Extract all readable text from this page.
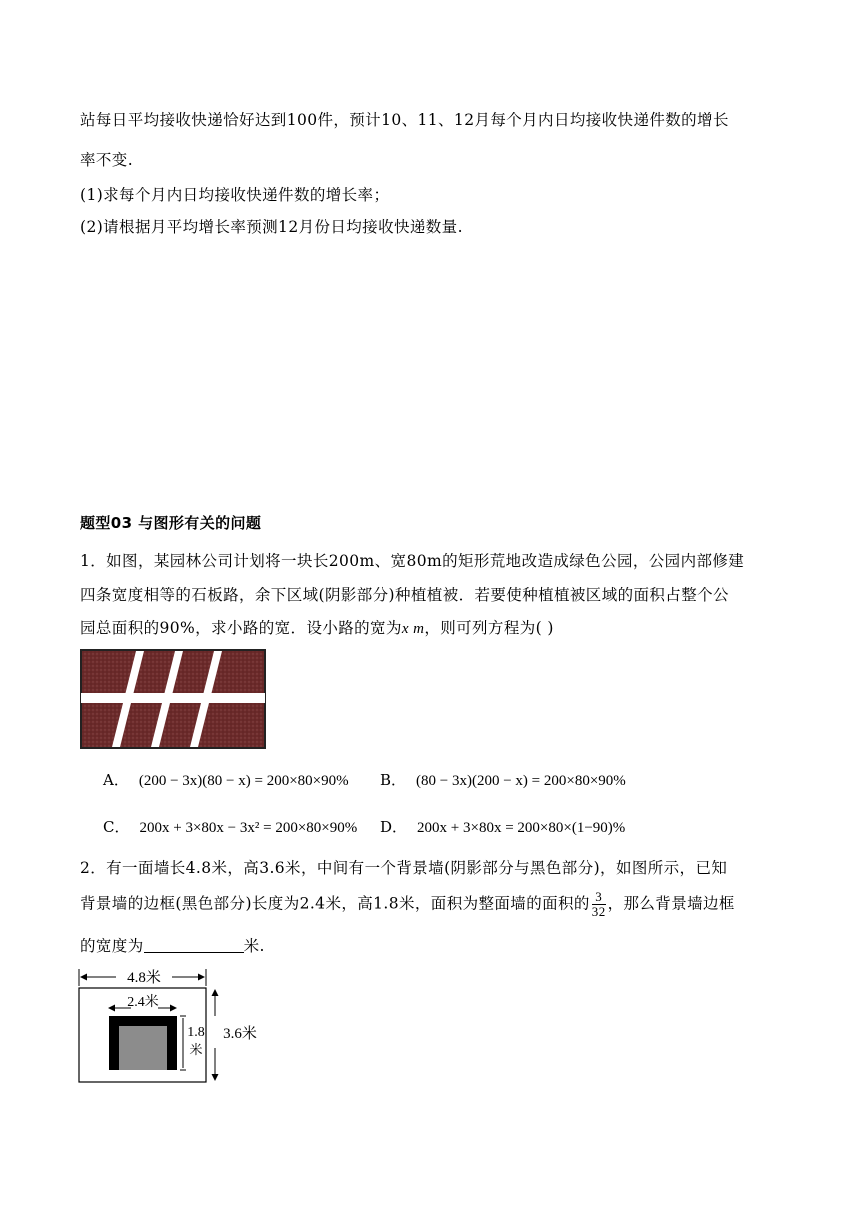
站每日平均接收快递恰好达到100件，预计10、11、12月每个月内日均接收快递件数的增长
率不变.
(1)求每个月内日均接收快递件数的增长率；
(2)请根据月平均增长率预测12月份日均接收快递数量.
题型03 与图形有关的问题
1．如图，某园林公司计划将一块长200m、宽80m的矩形荒地改造成绿色公园，公园内部修建
四条宽度相等的石板路，余下区域(阴影部分)种植植被．若要使种植植被区域的面积占整个公
园总面积的90%，求小路的宽．设小路的宽为x m，则可列方程为( )
A． (200 − 3x)(80 − x) = 200×80×90% B． (80 − 3x)(200 − x) = 200×80×90%
C． 200x + 3×80x − 3x² = 200×80×90% D． 200x + 3×80x = 200×80×(1−90)%
2．有一面墙长4.8米，高3.6米，中间有一个背景墙(阴影部分与黑色部分)，如图所示，已知
背景墙的边框(黑色部分)长度为2.4米，高1.8米，面积为整面墙的面积的 $\frac{3}{32}$ ，那么背景墙边框
的宽度为	米.
4.8米
2.4米
1.8
米
3.6米
